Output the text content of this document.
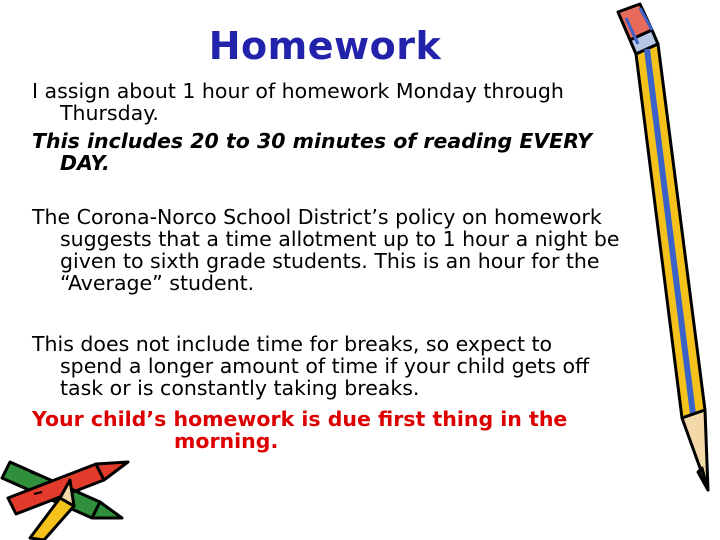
Homework

I assign about 1 hour of homework Monday through
Thursday.

This includes 20 to 30 minutes of reading EVERY
DAY.

The Corona-Norco School District’s policy on homework
suggests that a time allotment up to 1 hour a night be
given to sixth grade students. This is an hour for the
“Average” student.

This does not include time for breaks, so expect to
spend a longer amount of time if your child gets off
task or is constantly taking breaks.

Your child’s homework is due first thing in the
morning.
